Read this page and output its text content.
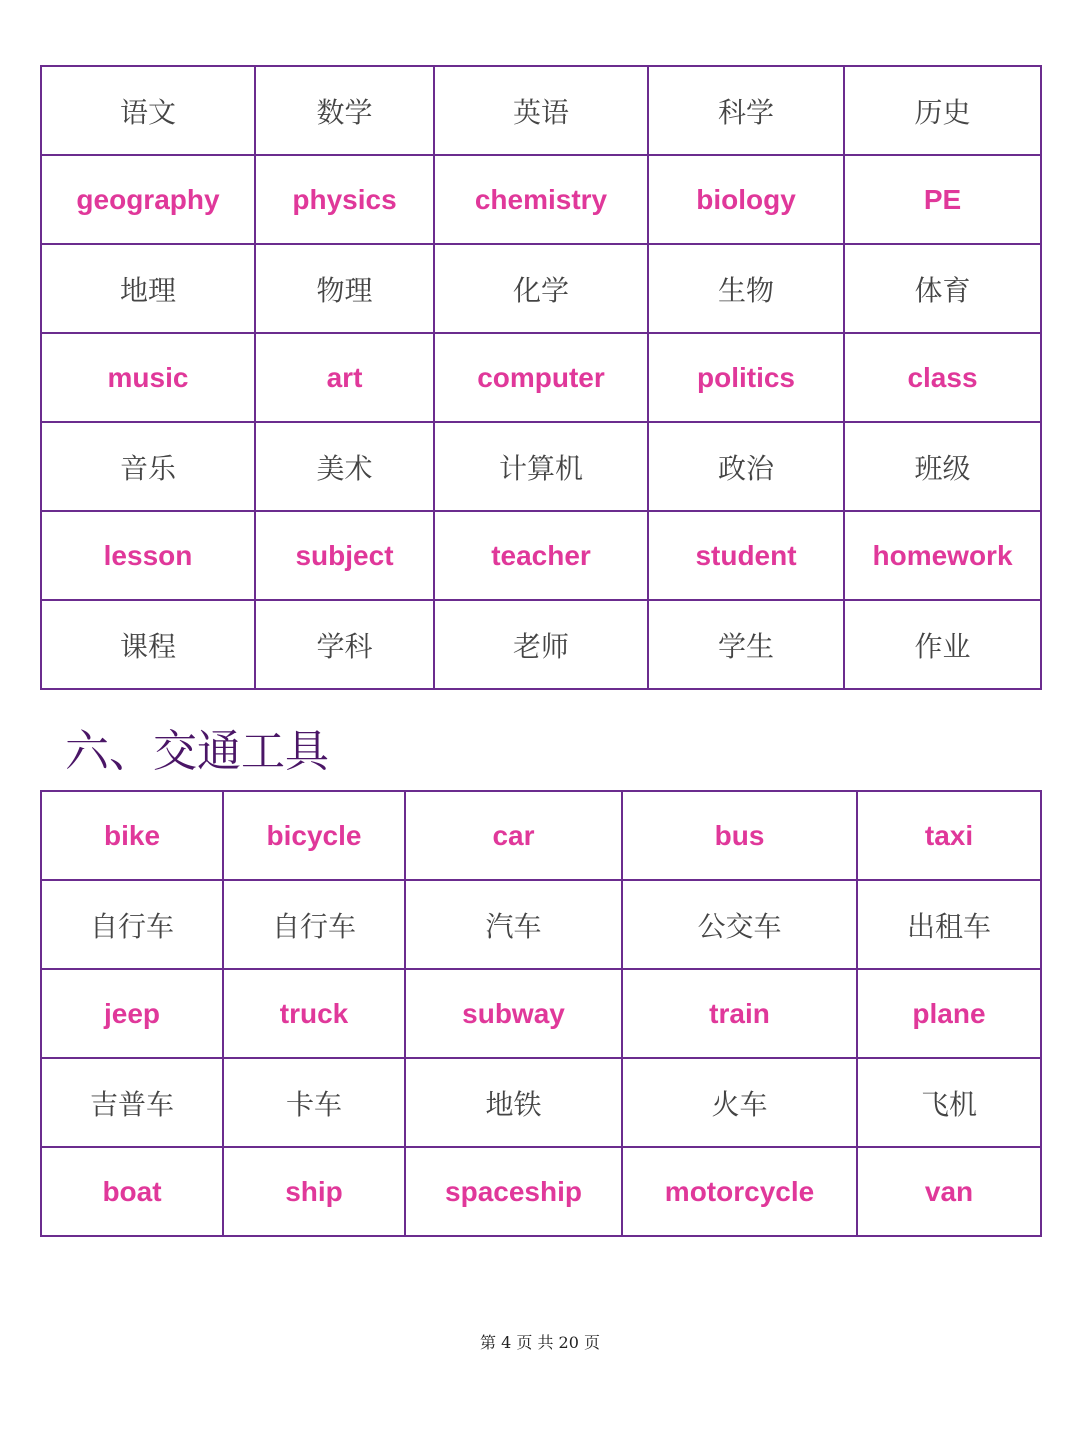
语文	数学	英语	科学	历史
geography	physics	chemistry	biology	PE
地理	物理	化学	生物	体育
music	art	computer	politics	class
音乐	美术	计算机	政治	班级
lesson	subject	teacher	student	homework
课程	学科	老师	学生	作业
六、交通工具
bike	bicycle	car	bus	taxi
自行车	自行车	汽车	公交车	出租车
jeep	truck	subway	train	plane
吉普车	卡车	地铁	火车	飞机
boat	ship	spaceship	motorcycle	van
第 4 页 共 20 页
